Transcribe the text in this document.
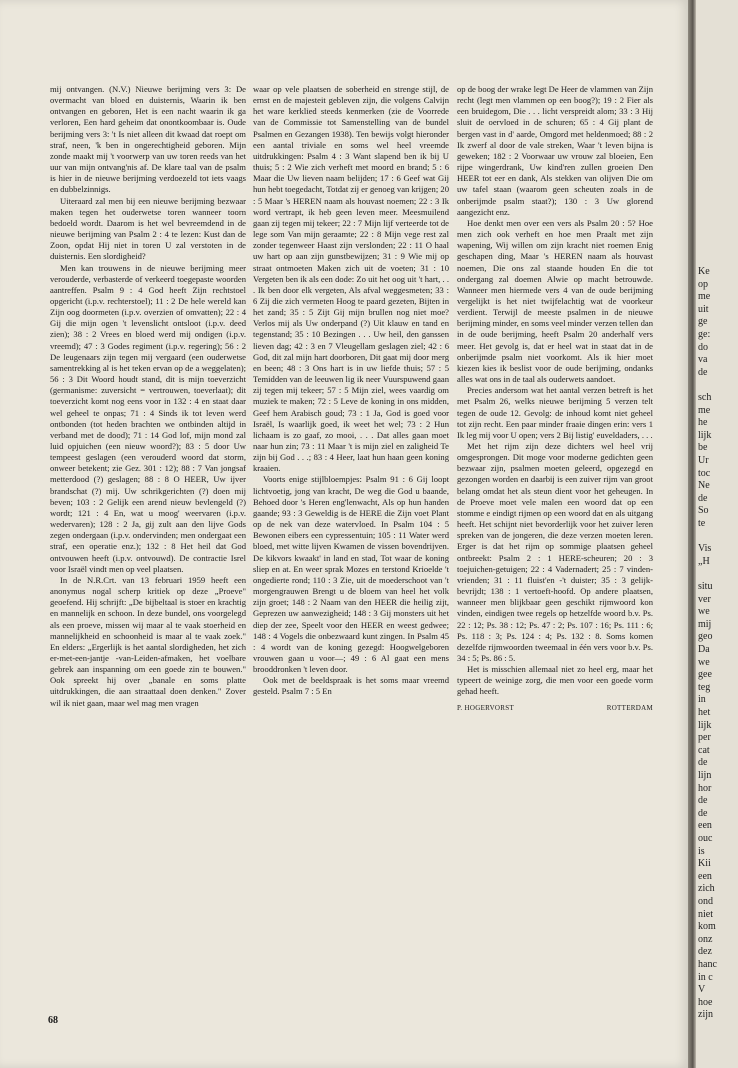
mij ontvangen. (N.V.) Nieuwe berijming vers 3: De overmacht van bloed en duisternis, Waarin ik ben ontvangen en geboren, Het is een nacht waarin ik ga verloren, Een hard geheim dat onontkoombaar is. Oude berijming vers 3: 't Is niet alleen dit kwaad dat roept om straf, neen, 'k ben in ongerechtigheid geboren. Mijn zonde maakt mij 't voorwerp van uw toren reeds van het uur van mijn ontvang'nis af. De klare taal van de psalm is hier in de nieuwe berijming verdoezeld tot iets vaags en dubbelzinnigs.

Uiteraard zal men bij een nieuwe berijming bezwaar maken tegen het ouderwetse toren wanneer toorn bedoeld wordt. Daarom is het wel bevreemdend in de nieuwe berijming van Psalm 2 : 4 te lezen: Kust dan de Zoon, opdat Hij niet in toren U zal verstoten in de duisternis. Een slordigheid?

Men kan trouwens in de nieuwe berijming meer verouderde, verbasterde of verkeerd toegepaste woorden aantreffen. Psalm 9 : 4 God heeft Zijn rechtstoel opgericht (i.p.v. rechterstoel); 11 : 2 De hele wereld kan Zijn oog doormeten (i.p.v. overzien of omvatten); 22 : 4 Gij die mijn ogen 't levenslicht ontsloot (i.p.v. deed zien); 38 : 2 Vrees en bloed werd mij ondigen (i.p.v. vreemd); 47 : 3 Godes regiment (i.p.v. regering); 56 : 2 De leugenaars zijn tegen mij vergaard (een ouderwetse samentrekking al is het teken ervan op de a weggelaten); 56 : 3 Dit Woord houdt stand, dit is mijn toeverzicht (germanisme: zuversicht = vertrouwen, toeverlaat); dit toeverzicht komt nog eens voor in 132 : 4 en staat daar wel geheel te onpas; 71 : 4 Sinds ik tot leven werd ontbonden (tot heden brachten we ontbinden altijd in verband met de dood); 71 : 14 God lof, mijn mond zal luid opjuichen (een nieuw woord?); 83 : 5 door Uw tempeest geslagen (een verouderd woord dat storm, onweer betekent; zie Gez. 301 : 12); 88 : 7 Van jongsaf metterdood (?) geslagen; 88 : 8 O HEER, Uw ijver brandschat (?) mij. Uw schrikgerichten (?) doen mij beven; 103 : 2 Gelijk een arend nieuw bevlengeld (?) wordt; 121 : 4 En, wat u moog' weervaren (i.p.v. wedervaren); 128 : 2 Ja, gij zult aan den lijve Gods zegen ondergaan (i.p.v. ondervinden; men ondergaat een straf, een operatie enz.); 132 : 8 Het heil dat God ontvouwen heeft (i.p.v. ontvouwd). De contractie Isrel voor Israël vindt men op veel plaatsen.

In de N.R.Crt. van 13 februari 1959 heeft een anonymus nogal scherp kritiek op deze „Proeve" geoefend. Hij schrijft: „De bijbeltaal is stoer en krachtig en mannelijk en schoon. In deze bundel, ons voorgelegd als een proeve, missen wij maar al te vaak stoerheid en mannelijkheid en schoonheid is maar al te vaak zoek." En elders: „Ergerlijk is het aantal slordigheden, het zich er-met-een-jantje -van-Leiden-afmaken, het voelbare gebrek aan inspanning om een goede zin te bouwen." Ook spreekt hij over „banale en soms platte uitdrukkingen, die aan straattaal doen denken." Zover wil ik niet gaan, maar wel mag men vragen

waar op vele plaatsen de soberheid en strenge stijl, de ernst en de majesteit gebleven zijn, die volgens Calvijn het ware kerklied steeds kenmerken (zie de Voorrede van de Commissie tot Samenstelling van de bundel Psalmen en Gezangen 1938). Ten bewijs volgt hieronder een aantal triviale en soms wel heel vreemde uitdrukkingen: Psalm 4 : 3 Want slapend ben ik bij U thuis; 5 : 2 Wie zich verheft met moord en brand; 5 : 6 Maar die Uw lieven naam belijden; 17 : 6 Geef wat Gij hun hebt toegedacht, Totdat zij er genoeg van krijgen; 20 : 5 Maar 's HEREN naam als houvast noemen; 22 : 3 Ik word vertrapt, ik heb geen leven meer. Meesmuilend gaan zij tegen mij tekeer; 22 : 7 Mijn lijf verteerde tot de lege som Van mijn geraamte; 22 : 8 Mijn vege rest zal zonder tegenweer Haast zijn verslonden; 22 : 11 O haal uw hart op aan zijn gunstbewijzen; 31 : 9 Wie mij op straat ontmoeten Maken zich uit de voeten; 31 : 10 Vergeten ben ik als een dode: Zo uit het oog uit 't hart, . . . Ik ben door elk vergeten, Als afval weggesmeten; 33 : 6 Zij die zich vermeten Hoog te paard gezeten, Bijten in het zand; 35 : 5 Zijt Gij mijn brullen nog niet moe? Verlos mij als Uw onderpand (?) Uit klauw en tand en tegenstand; 35 : 10 Bezingen . . . Uw heil, den ganssen lieven dag; 42 : 3 en 7 Vleugellam geslagen ziel; 42 : 6 God, dit zal mijn hart doorboren, Dit gaat mij door merg en been; 48 : 3 Ons hart is in uw liefde thuis; 57 : 5 Temidden van de leeuwen lig ik neer Vuurspuwend gaan zij tegen mij tekeer; 57 : 5 Mijn ziel, wees vaardig om muziek te maken; 72 : 5 Leve de koning in ons midden, Geef hem Arabisch goud; 73 : 1 Ja, God is goed voor Israël, Is waarlijk goed, ik weet het wel; 73 : 2 Hun lichaam is zo gaaf, zo mooi, . . . Dat alles gaan moet naar hun zin; 73 : 11 Maar 't is mijn ziel en zaligheid Te zijn bij God . . .; 83 : 4 Heer, laat hun haan geen koning kraaien.

Voorts enige stijlbloempjes: Psalm 91 : 6 Gij loopt lichtvoetig, jong van kracht, De weg die God u baande, Behoed door 's Heren eng'lenwacht, Als op hun handen gaande; 93 : 3 Geweldig is de HERE die Zijn voet Plant op de nek van deze watervloed. In Psalm 104 : 5 Bewonen eibers een cypressentuin; 105 : 11 Water werd bloed, met witte lijven Kwamen de vissen bovendrijven. De kikvors kwaakt' in land en stad, Tot waar de koning sliep en at. En weer sprak Mozes en terstond Krioelde 't ongedierte rond; 110 : 3 Zie, uit de moederschoot van 't morgengrauwen Brengt u de bloem van heel het volk zijn groet; 148 : 2 Naam van den HEER die heilig zijt, Geprezen uw aanwezigheid; 148 : 3 Gij monsters uit het diep der zee, Speelt voor den HEER en weest gedwee; 148 : 4 Vogels die onbezwaard kunt zingen. In Psalm 45 : 4 wordt van de koning gezegd: Hoogwelgeboren vrouwen gaan u voor—; 49 : 6 Al gaat een mens brooddronken 't leven door.

Ook met de beeldspraak is het soms maar vreemd gesteld. Psalm 7 : 5 En

op de boog der wrake legt De Heer de vlammen van Zijn recht (legt men vlammen op een boog?); 19 : 2 Fier als een bruidegom, Die . . . licht verspreidt alom; 33 : 3 Hij sluit de oervloed in de schuren; 65 : 4 Gij plant de bergen vast in d' aarde, Omgord met heldenmoed; 88 : 2 Ik zwerf al door de vale streken, Waar 't leven bijna is geweken; 182 : 2 Voorwaar uw vrouw zal bloeien, Een rijpe wingerdrank, Uw kind'ren zullen groeien Den HEER tot eer en dank, Als stekken van olijven Die om uw tafel staan (waarom geen scheuten zoals in de onberijmde psalm staat?); 130 : 3 Uw glorend aangezicht enz.

Hoe denkt men over een vers als Psalm 20 : 5? Hoe men zich ook verheft en hoe men Praalt met zijn wapening, Wij willen om zijn kracht niet roemen Enig geschapen ding, Maar 's HEREN naam als houvast noemen, Die ons zal staande houden En die tot ondergang zal doemen Alwie op macht betrouwde. Wanneer men hiermede vers 4 van de oude berijming vergelijkt is het niet twijfelachtig wat de voorkeur verdient. Terwijl de meeste psalmen in de nieuwe berijming minder, en soms veel minder verzen tellen dan in de oude berijming, heeft Psalm 20 anderhalf vers meer. Het gevolg is, dat er heel wat in staat dat in de onberijmde psalm niet voorkomt. Als ik hier moet kiezen kies ik beslist voor de oude berijming, ondanks alles wat ons in de taal als ouderwets aandoet.

Precies andersom wat het aantal verzen betreft is het met Psalm 26, welks nieuwe berijming 5 verzen telt tegen de oude 12. Gevolg: de inhoud komt niet geheel tot zijn recht. Een paar minder fraaie dingen erin: vers 1 Ik leg mij voor U open; vers 2 Bij listig' euveldaders, . . .

Met het rijm zijn deze dichters wel heel vrij omgesprongen. Dit moge voor moderne gedichten geen bezwaar zijn, psalmen moeten geleerd, opgezegd en gezongen worden en daarbij is een zuiver rijm van groot belang omdat het als steun dient voor het geheugen. In de Proeve moet vele malen een woord dat op een stomme e eindigt rijmen op een woord dat en als uitgang heeft. Het schijnt niet bevorderlijk voor het zuiver leren spreken van de jongeren, die deze verzen moeten leren. Erger is dat het rijm op sommige plaatsen geheel ontbreekt: Psalm 2 : 1 HERE-scheuren; 20 : 3 toejuichen-getuigen; 22 : 4 Vadernadert; 25 : 7 vinden-vrienden; 31 : 11 fluist'en -'t duister; 35 : 3 gelijk-bevrijdt; 138 : 1 vertoeft-hoofd. Op andere plaatsen, wanneer men blijkbaar geen geschikt rijmwoord kon vinden, eindigen twee regels op hetzelfde woord b.v. Ps. 22 : 12; Ps. 38 : 12; Ps. 47 : 2; Ps. 107 : 16; Ps. 111 : 6; Ps. 118 : 3; Ps. 124 : 4; Ps. 132 : 8. Soms komen dezelfde rijmwoorden tweemaal in één vers voor b.v. Ps. 34 : 5; Ps. 86 : 5.

Het is misschien allemaal niet zo heel erg, maar het typeert de weinige zorg, die men voor een goede vorm gehad heeft.

P. HOGERVORST	ROTTERDAM
68
Ke
op
me
uit
ge
ge:
do
va
de
sch
me
he
lijk
be
Ur
toc
Ne
de
So
te
Vis
„H
situ
ver
we
mij
geo
Da
we
gee
teg
in
het
lijk
per
cat
de
lijn
hor
de
de
een
ouc
is
Kii
een
zich
ond
niet
kom
onz
dez
hanc
in c
V
hoe
zijn
